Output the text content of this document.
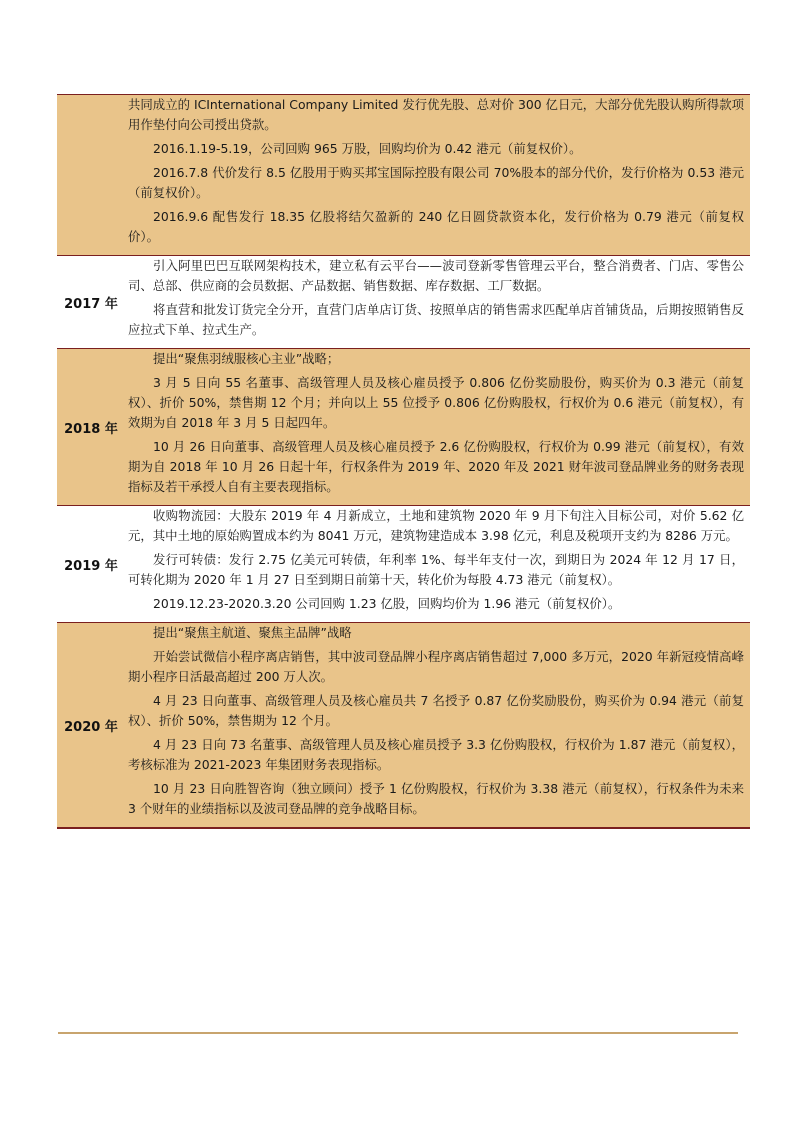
共同成立的 ICInternational Company Limited 发行优先股、总对价 300 亿日元，大部分优先股认购所得款项用作垫付向公司授出贷款。

2016.1.19-5.19，公司回购 965 万股，回购均价为 0.42 港元（前复权价）。

2016.7.8 代价发行 8.5 亿股用于购买邦宝国际控股有限公司 70%股本的部分代价，发行价格为 0.53 港元（前复权价）。

2016.9.6 配售发行 18.35 亿股将结欠盈新的 240 亿日圆贷款资本化，发行价格为 0.79 港元（前复权价）。

2017 年

引入阿里巴巴互联网架构技术，建立私有云平台——波司登新零售管理云平台，整合消费者、门店、零售公司、总部、供应商的会员数据、产品数据、销售数据、库存数据、工厂数据。

将直营和批发订货完全分开，直营门店单店订货、按照单店的销售需求匹配单店首铺货品，后期按照销售反应拉式下单、拉式生产。

2018 年

提出“聚焦羽绒服核心主业”战略；

3 月 5 日向 55 名董事、高级管理人员及核心雇员授予 0.806 亿份奖励股份，购买价为 0.3 港元（前复权）、折价 50%，禁售期 12 个月；并向以上 55 位授予 0.806 亿份购股权，行权价为 0.6 港元（前复权），有效期为自 2018 年 3 月 5 日起四年。

10 月 26 日向董事、高级管理人员及核心雇员授予 2.6 亿份购股权，行权价为 0.99 港元（前复权），有效期为自 2018 年 10 月 26 日起十年，行权条件为 2019 年、2020 年及 2021 财年波司登品牌业务的财务表现指标及若干承授人自有主要表现指标。

2019 年

收购物流园：大股东 2019 年 4 月新成立，土地和建筑物 2020 年 9 月下旬注入目标公司，对价 5.62 亿元，其中土地的原始购置成本约为 8041 万元，建筑物建造成本 3.98 亿元，利息及税项开支约为 8286 万元。

发行可转债：发行 2.75 亿美元可转债，年利率 1%、每半年支付一次，到期日为 2024 年 12 月 17 日，可转化期为 2020 年 1 月 27 日至到期日前第十天，转化价为每股 4.73 港元（前复权）。

2019.12.23-2020.3.20 公司回购 1.23 亿股，回购均价为 1.96 港元（前复权价）。

2020 年

提出“聚焦主航道、聚焦主品牌”战略

开始尝试微信小程序离店销售，其中波司登品牌小程序离店销售超过 7,000 多万元，2020 年新冠疫情高峰期小程序日活最高超过 200 万人次。

4 月 23 日向董事、高级管理人员及核心雇员共 7 名授予 0.87 亿份奖励股份，购买价为 0.94 港元（前复权）、折价 50%，禁售期为 12 个月。

4 月 23 日向 73 名董事、高级管理人员及核心雇员授予 3.3 亿份购股权，行权价为 1.87 港元（前复权），考核标准为 2021-2023 年集团财务表现指标。

10 月 23 日向胜智咨询（独立顾问）授予 1 亿份购股权，行权价为 3.38 港元（前复权），行权条件为未来 3 个财年的业绩指标以及波司登品牌的竞争战略目标。
